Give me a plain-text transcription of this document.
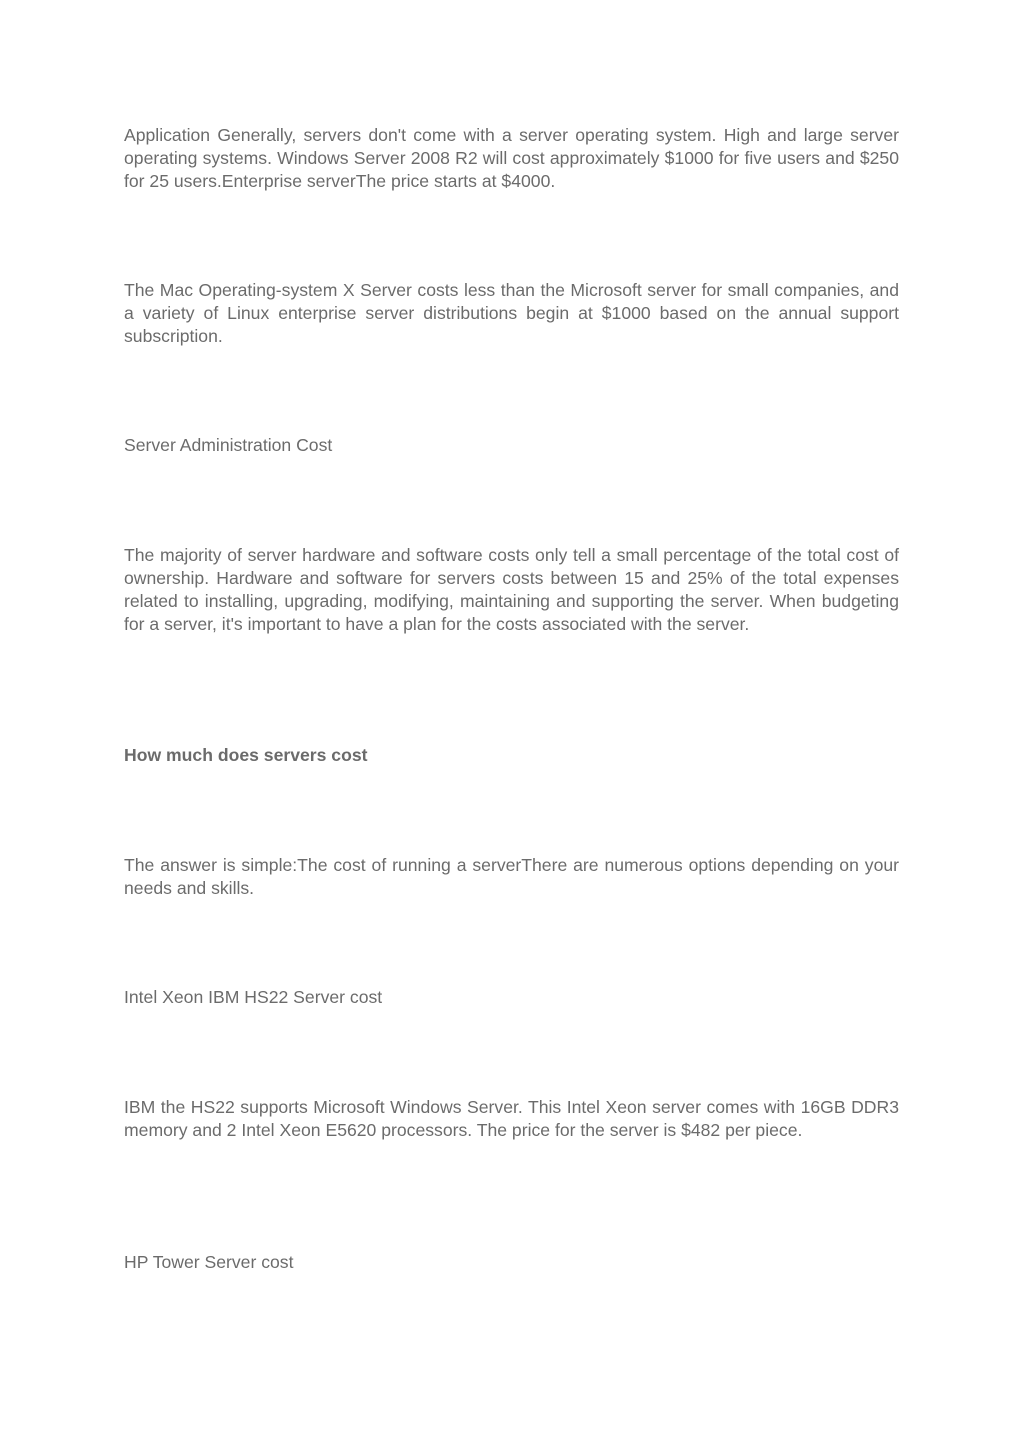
Application Generally, servers don't come with a server operating system. High and large server operating systems. Windows Server 2008 R2 will cost approximately $1000 for five users and $250 for 25 users.Enterprise serverThe price starts at $4000.

The Mac Operating-system X Server costs less than the Microsoft server for small companies, and a variety of Linux enterprise server distributions begin at $1000 based on the annual support subscription.

Server Administration Cost

The majority of server hardware and software costs only tell a small percentage of the total cost of ownership. Hardware and software for servers costs between 15 and 25% of the total expenses related to installing, upgrading, modifying, maintaining and supporting the server. When budgeting for a server, it's important to have a plan for the costs associated with the server.

How much does servers cost

The answer is simple:The cost of running a serverThere are numerous options depending on your needs and skills.

Intel Xeon IBM HS22 Server cost

IBM the HS22 supports Microsoft Windows Server. This Intel Xeon server comes with 16GB DDR3 memory and 2 Intel Xeon E5620 processors. The price for the server is $482 per piece.

HP Tower Server cost
